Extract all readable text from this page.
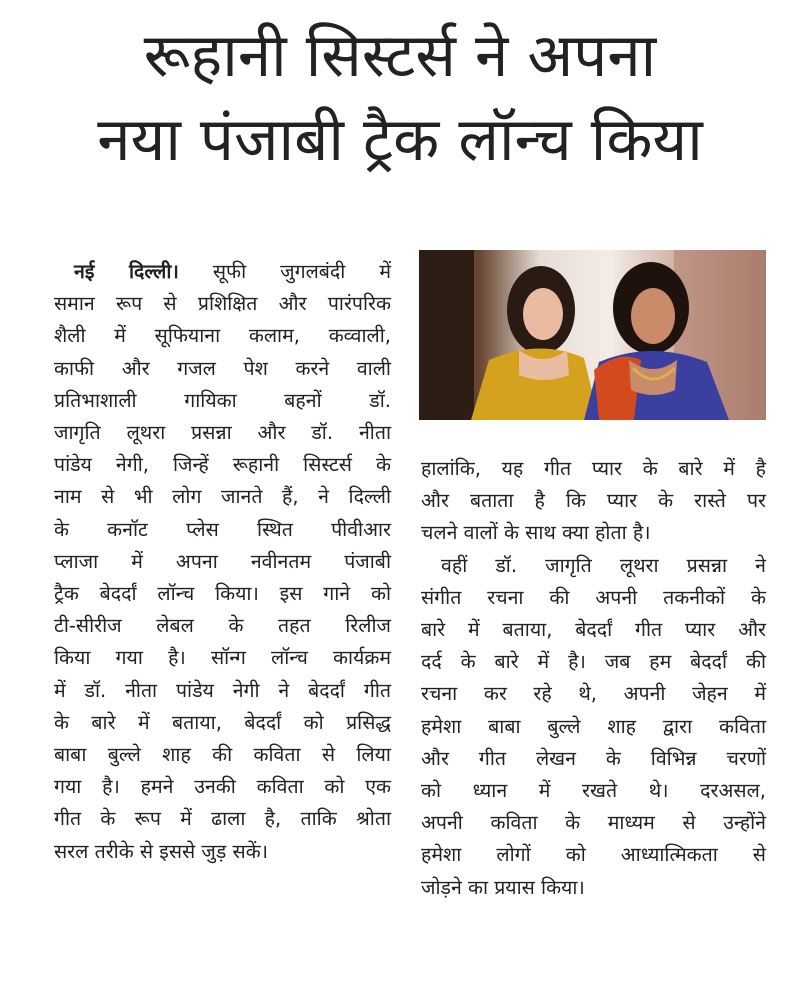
रूहानी सिस्टर्स ने अपना
नया पंजाबी ट्रैक लॉन्च किया

नई दिल्ली। सूफी जुगलबंदी में

समान रूप से प्रशिक्षित और पारंपरिक

शैली में सूफियाना कलाम, कव्वाली,

काफी और गजल पेश करने वाली

प्रतिभाशाली गायिका बहनों डॉ.

जागृति लूथरा प्रसन्ना और डॉ. नीता

पांडेय नेगी, जिन्हें रूहानी सिस्टर्स के

नाम से भी लोग जानते हैं, ने दिल्ली

के कनॉट प्लेस स्थित पीवीआर

प्लाजा में अपना नवीनतम पंजाबी

ट्रैक बेदर्दां लॉन्च किया। इस गाने को

टी-सीरीज लेबल के तहत रिलीज

किया गया है। सॉन्ग लॉन्च कार्यक्रम

में डॉ. नीता पांडेय नेगी ने बेदर्दां गीत

के बारे में बताया, बेदर्दां को प्रसिद्ध

बाबा बुल्ले शाह की कविता से लिया

गया है। हमने उनकी कविता को एक

गीत के रूप में ढाला है, ताकि श्रोता

सरल तरीके से इससे जुड़ सकें।

हालांकि, यह गीत प्यार के बारे में है

और बताता है कि प्यार के रास्ते पर

चलने वालों के साथ क्या होता है।

वहीं डॉ. जागृति लूथरा प्रसन्ना ने

संगीत रचना की अपनी तकनीकों के

बारे में बताया, बेदर्दां गीत प्यार और

दर्द के बारे में है। जब हम बेदर्दां की

रचना कर रहे थे, अपनी जेहन में

हमेशा बाबा बुल्ले शाह द्वारा कविता

और गीत लेखन के विभिन्न चरणों

को ध्यान में रखते थे। दरअसल,

अपनी कविता के माध्यम से उन्होंने

हमेशा लोगों को आध्यात्मिकता से

जोड़ने का प्रयास किया।
